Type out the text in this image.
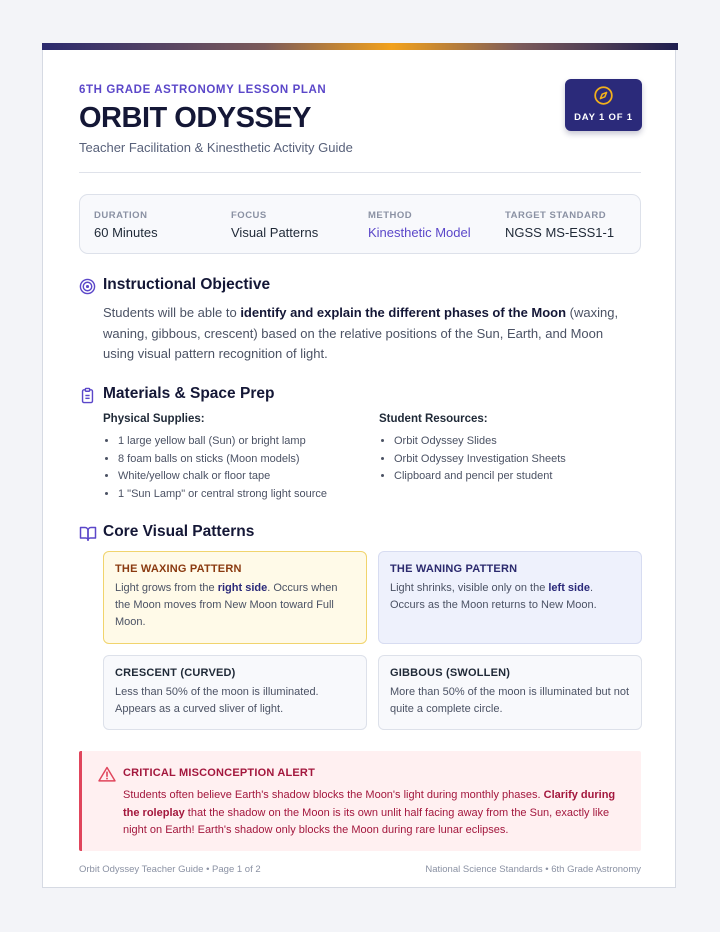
6TH GRADE ASTRONOMY LESSON PLAN
ORBIT ODYSSEY
Teacher Facilitation & Kinesthetic Activity Guide
DAY 1 OF 1
DURATION
60 Minutes
FOCUS
Visual Patterns
METHOD
Kinesthetic Model
TARGET STANDARD
NGSS MS-ESS1-1
Instructional Objective
Students will be able to identify and explain the different phases of the Moon (waxing, waning, gibbous, crescent) based on the relative positions of the Sun, Earth, and Moon using visual pattern recognition of light.
Materials & Space Prep
Physical Supplies:
• 1 large yellow ball (Sun) or bright lamp
• 8 foam balls on sticks (Moon models)
• White/yellow chalk or floor tape
• 1 "Sun Lamp" or central strong light source
Student Resources:
• Orbit Odyssey Slides
• Orbit Odyssey Investigation Sheets
• Clipboard and pencil per student
Core Visual Patterns
THE WAXING PATTERN
Light grows from the right side. Occurs when the Moon moves from New Moon toward Full Moon.
THE WANING PATTERN
Light shrinks, visible only on the left side. Occurs as the Moon returns to New Moon.
CRESCENT (CURVED)
Less than 50% of the moon is illuminated. Appears as a curved sliver of light.
GIBBOUS (SWOLLEN)
More than 50% of the moon is illuminated but not quite a complete circle.
CRITICAL MISCONCEPTION ALERT
Students often believe Earth's shadow blocks the Moon's light during monthly phases. Clarify during the roleplay that the shadow on the Moon is its own unlit half facing away from the Sun, exactly like night on Earth! Earth's shadow only blocks the Moon during rare lunar eclipses.
Orbit Odyssey Teacher Guide • Page 1 of 2	National Science Standards • 6th Grade Astronomy
